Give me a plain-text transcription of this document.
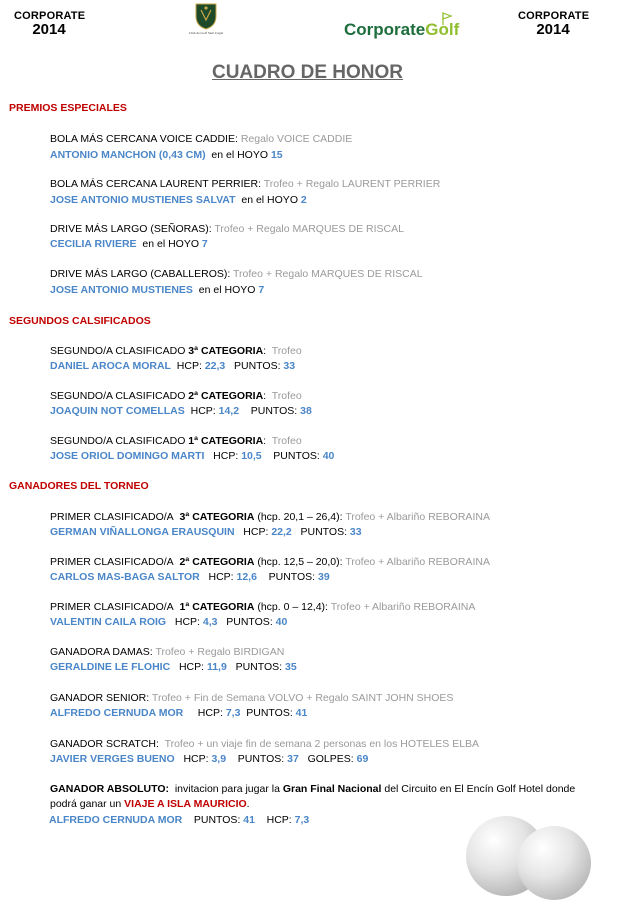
CORPORATE
2014	Club de Golf Sant Cugat	CorporateGolf
CORPORATE
2014
CUADRO DE HONOR
PREMIOS ESPECIALES
BOLA MÁS CERCANA VOICE CADDIE: Regalo VOICE CADDIE
ANTONIO MANCHON (0,43 CM) en el HOYO 15
BOLA MÁS CERCANA LAURENT PERRIER: Trofeo + Regalo LAURENT PERRIER
JOSE ANTONIO MUSTIENES SALVAT en el HOYO 2
DRIVE MÁS LARGO (SEÑORAS): Trofeo + Regalo MARQUES DE RISCAL
CECILIA RIVIERE en el HOYO 7
DRIVE MÁS LARGO (CABALLEROS): Trofeo + Regalo MARQUES DE RISCAL
JOSE ANTONIO MUSTIENES en el HOYO 7
SEGUNDOS CALSIFICADOS
SEGUNDO/A CLASIFICADO 3ª CATEGORIA:  Trofeo
DANIEL AROCA MORAL HCP: 22,3 PUNTOS: 33
SEGUNDO/A CLASIFICADO 2ª CATEGORIA:  Trofeo
JOAQUIN NOT COMELLAS HCP: 14,2 PUNTOS: 38
SEGUNDO/A CLASIFICADO 1ª CATEGORIA:  Trofeo
JOSE ORIOL DOMINGO MARTI HCP: 10,5 PUNTOS: 40
GANADORES DEL TORNEO
PRIMER CLASIFICADO/A 3ª CATEGORIA (hcp. 20,1 – 26,4): Trofeo + Albariño REBORAINA
GERMAN VIÑALLONGA ERAUSQUIN HCP: 22,2 PUNTOS: 33
PRIMER CLASIFICADO/A 2ª CATEGORIA (hcp. 12,5 – 20,0): Trofeo + Albariño REBORAINA
CARLOS MAS-BAGA SALTOR HCP: 12,6 PUNTOS: 39
PRIMER CLASIFICADO/A 1ª CATEGORIA (hcp. 0 – 12,4): Trofeo + Albariño REBORAINA
VALENTIN CAILA ROIG HCP: 4,3 PUNTOS: 40
GANADORA DAMAS: Trofeo + Regalo BIRDIGAN
GERALDINE LE FLOHIC HCP: 11,9 PUNTOS: 35
GANADOR SENIOR: Trofeo + Fin de Semana VOLVO + Regalo SAINT JOHN SHOES
ALFREDO CERNUDA MOR HCP: 7,3 PUNTOS: 41
GANADOR SCRATCH: Trofeo + un viaje fin de semana 2 personas en los HOTELES ELBA
JAVIER VERGES BUENO HCP: 3,9 PUNTOS: 37 GOLPES: 69
GANADOR ABSOLUTO: invitacion para jugar la Gran Final Nacional del Circuito en El Encín Golf Hotel donde
podrá ganar un VIAJE A ISLA MAURICIO.
ALFREDO CERNUDA MOR PUNTOS: 41 HCP: 7,3
